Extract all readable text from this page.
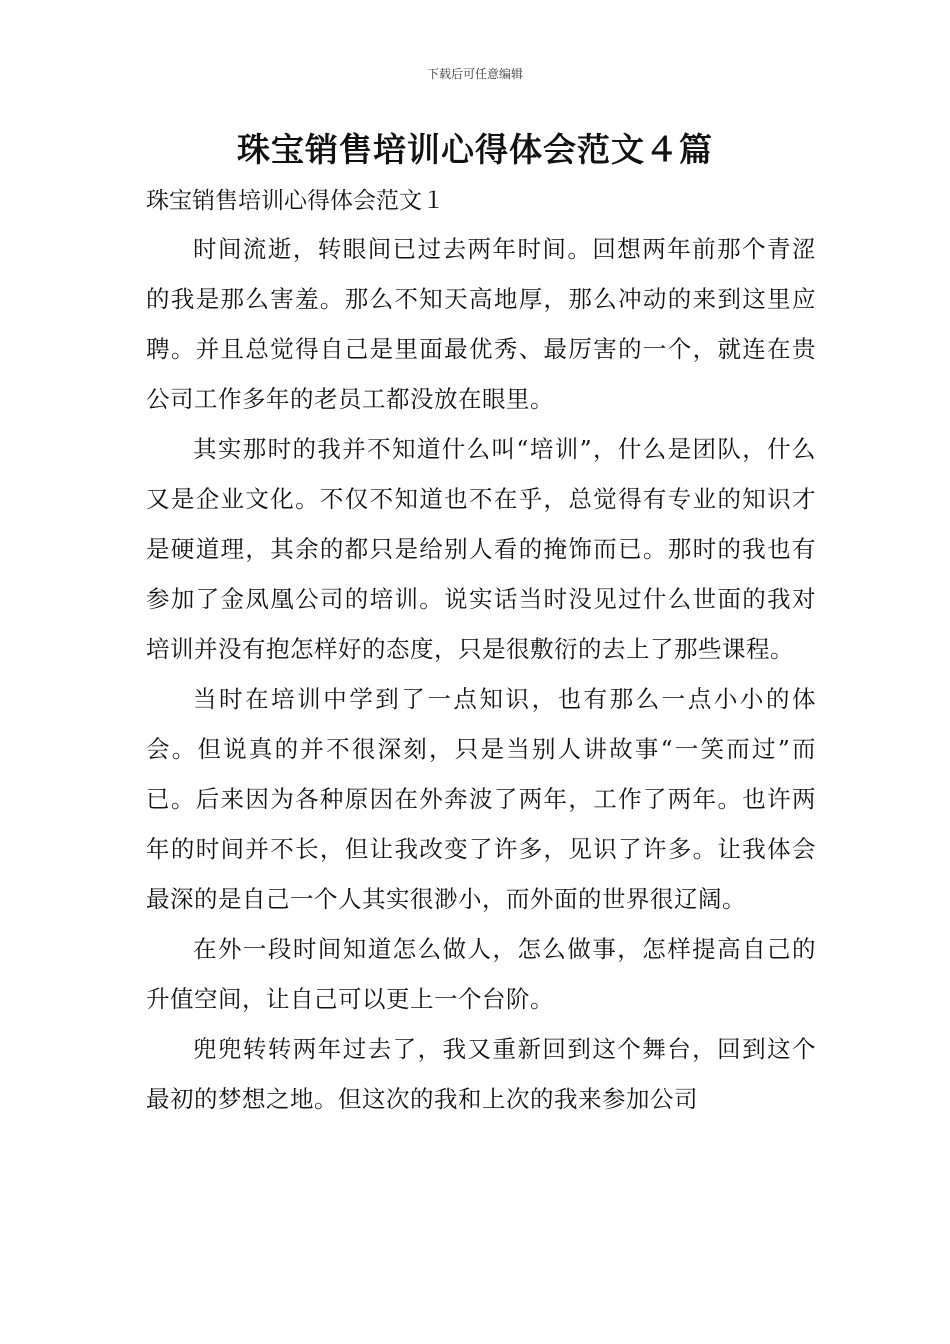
下载后可任意编辑
珠宝销售培训心得体会范文４篇
珠宝销售培训心得体会范文１

时间流逝，转眼间已过去两年时间。回想两年前那个青涩的我是那么害羞。那么不知天高地厚，那么冲动的来到这里应聘。并且总觉得自己是里面最优秀、最厉害的一个，就连在贵公司工作多年的老员工都没放在眼里。

其实那时的我并不知道什么叫“培训”，什么是团队，什么又是企业文化。不仅不知道也不在乎，总觉得有专业的知识才是硬道理，其余的都只是给别人看的掩饰而已。那时的我也有参加了金凤凰公司的培训。说实话当时没见过什么世面的我对培训并没有抱怎样好的态度，只是很敷衍的去上了那些课程。

当时在培训中学到了一点知识，也有那么一点小小的体会。但说真的并不很深刻，只是当别人讲故事“一笑而过”而已。后来因为各种原因在外奔波了两年，工作了两年。也许两年的时间并不长，但让我改变了许多，见识了许多。让我体会最深的是自己一个人其实很渺小，而外面的世界很辽阔。

在外一段时间知道怎么做人，怎么做事，怎样提高自己的升值空间，让自己可以更上一个台阶。

兜兜转转两年过去了，我又重新回到这个舞台，回到这个最初的梦想之地。但这次的我和上次的我来参加公司
